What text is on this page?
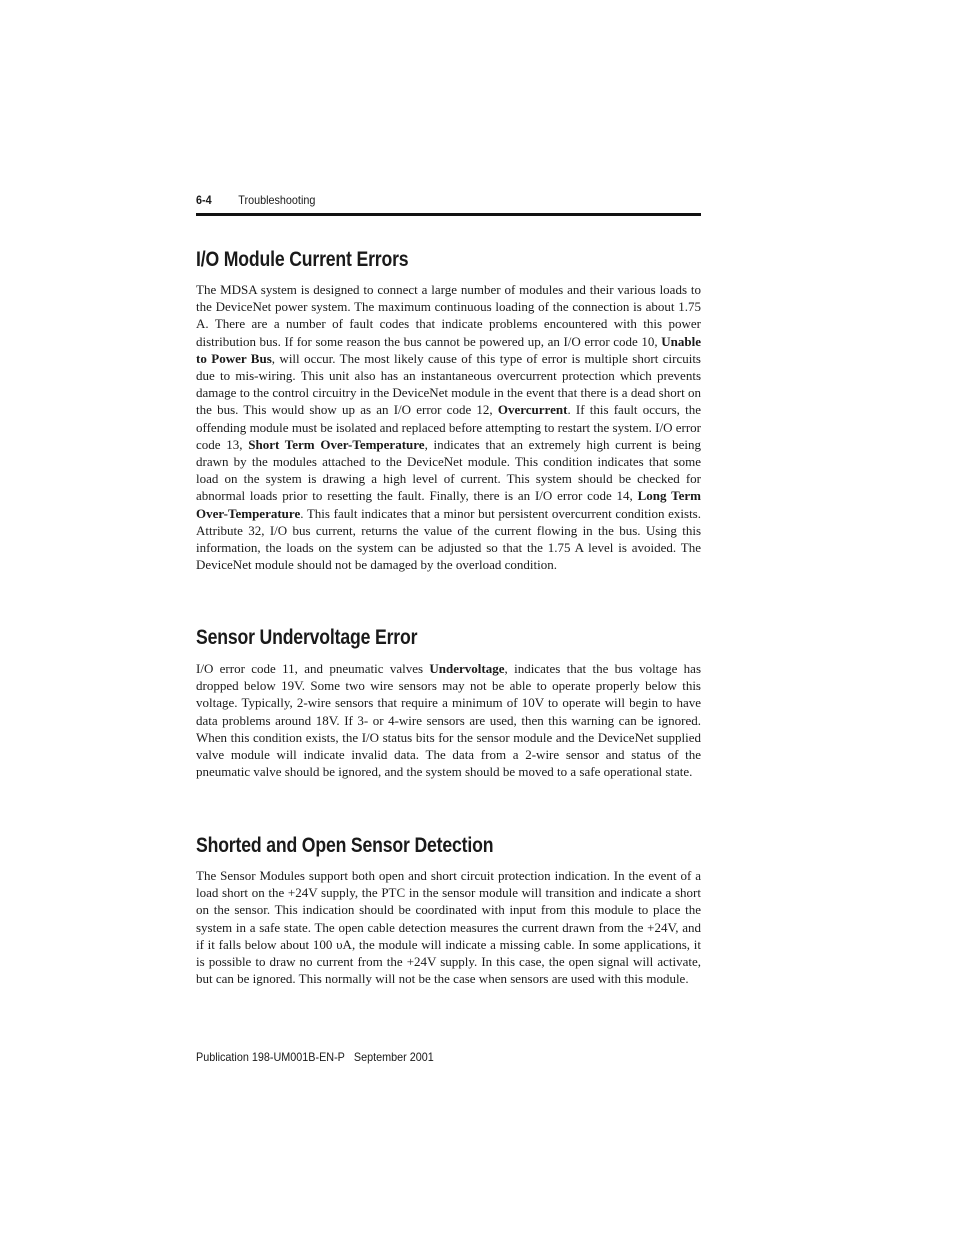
6-4 Troubleshooting
I/O Module Current Errors

The MDSA system is designed to connect a large number of modules and their various loads to the DeviceNet power system. The maximum continuous loading of the connection is about 1.75 A. There are a number of fault codes that indicate problems encountered with this power distribution bus. If for some reason the bus cannot be powered up, an I/O error code 10, Unable to Power Bus, will occur. The most likely cause of this type of error is multiple short circuits due to mis-wiring. This unit also has an instantaneous overcurrent protection which prevents damage to the control circuitry in the DeviceNet module in the event that there is a dead short on the bus. This would show up as an I/O error code 12, Overcurrent. If this fault occurs, the offending module must be isolated and replaced before attempting to restart the system. I/O error code 13, Short Term Over-Temperature, indicates that an extremely high current is being drawn by the modules attached to the DeviceNet module. This condition indicates that some load on the system is drawing a high level of current. This system should be checked for abnormal loads prior to resetting the fault. Finally, there is an I/O error code 14, Long Term Over-Temperature. This fault indicates that a minor but persistent overcurrent condition exists. Attribute 32, I/O bus current, returns the value of the current flowing in the bus. Using this information, the loads on the system can be adjusted so that the 1.75 A level is avoided. The DeviceNet module should not be damaged by the overload condition.

Sensor Undervoltage Error

I/O error code 11, and pneumatic valves Undervoltage, indicates that the bus voltage has dropped below 19V. Some two wire sensors may not be able to operate properly below this voltage. Typically, 2-wire sensors that require a minimum of 10V to operate will begin to have data problems around 18V. If 3- or 4-wire sensors are used, then this warning can be ignored. When this condition exists, the I/O status bits for the sensor module and the DeviceNet supplied valve module will indicate invalid data. The data from a 2-wire sensor and status of the pneumatic valve should be ignored, and the system should be moved to a safe operational state.

Shorted and Open Sensor Detection

The Sensor Modules support both open and short circuit protection indication. In the event of a load short on the +24V supply, the PTC in the sensor module will transition and indicate a short on the sensor. This indication should be coordinated with input from this module to place the system in a safe state. The open cable detection measures the current drawn from the +24V, and if it falls below about 100 υA, the module will indicate a missing cable. In some applications, it is possible to draw no current from the +24V supply. In this case, the open signal will activate, but can be ignored. This normally will not be the case when sensors are used with this module.

Publication 198-UM001B-EN-P September 2001
